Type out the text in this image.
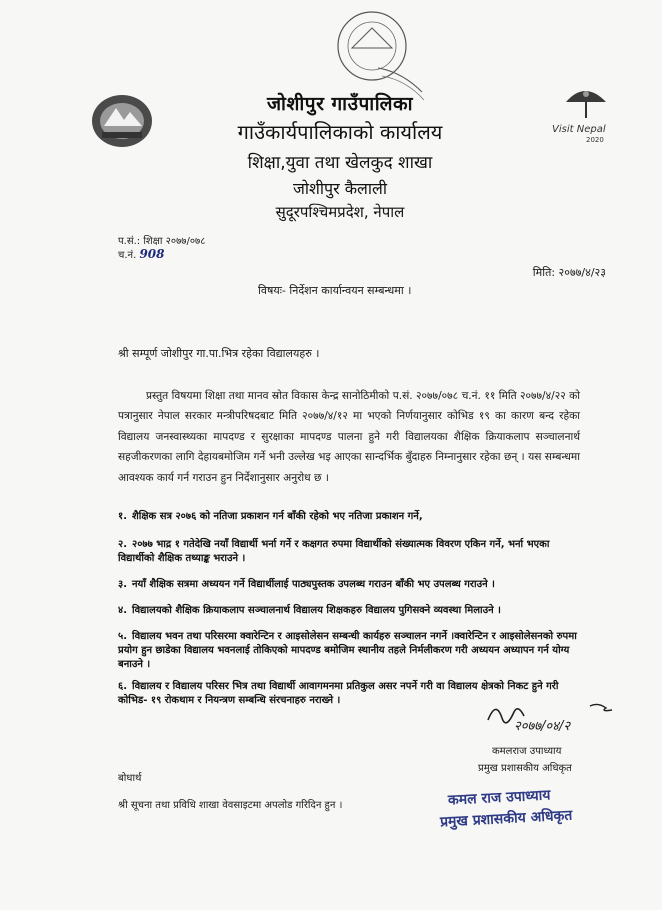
Visit Nepal
2020
जोशीपुर गाउँपालिका
गाउँकार्यपालिकाको कार्यालय
शिक्षा,युवा तथा खेलकुद शाखा
जोशीपुर कैलाली
सुदूरपश्चिमप्रदेश, नेपाल
प.सं.: शिक्षा २०७७/०७८
च.नं. 908
मिति: २०७७/४/२३
विषयः- निर्देशन कार्यान्वयन सम्बन्धमा ।
श्री सम्पूर्ण जोशीपुर गा.पा.भित्र रहेका विद्यालयहरु ।
प्रस्तुत विषयमा शिक्षा तथा मानव स्रोत विकास केन्द्र सानोठिमीको प.सं. २०७७/०७८ च.नं. ११ मिति २०७७/४/२२ को पत्रानुसार नेपाल सरकार मन्त्रीपरिषदबाट मिति २०७७/४/१२ मा भएको निर्णयानुसार कोभिड १९ का कारण बन्द रहेका विद्यालय जनस्वास्थ्यका मापदण्ड र सुरक्षाका मापदण्ड पालना हुने गरी विद्यालयका शैक्षिक क्रियाकलाप सञ्चालनार्थ सहजीकरणका लागि देहायबमोजिम गर्ने भनी उल्लेख भइ आएका सान्दर्भिक बुँदाहरु निम्नानुसार रहेका छन् । यस सम्बन्धमा आवश्यक कार्य गर्न गराउन हुन निर्देशानुसार अनुरोध छ ।
१. शैक्षिक सत्र २०७६ को नतिजा प्रकाशन गर्न बाँकी रहेको भए नतिजा प्रकाशन गर्ने,
२. २०७७ भाद्र १ गतेदेखि नयाँ विद्यार्थी भर्ना गर्ने र कक्षगत रुपमा विद्यार्थीको संख्यात्मक विवरण एकिन गर्ने, भर्ना भएका विद्यार्थीको शैक्षिक तथ्याङ्क भराउने ।
३. नयाँ शैक्षिक सत्रमा अध्ययन गर्ने विद्यार्थीलाई पाठ्यपुस्तक उपलब्ध गराउन बाँकी भए उपलब्ध गराउने ।
४. विद्यालयको शैक्षिक क्रियाकलाप सञ्चालनार्थ विद्यालय शिक्षकहरु विद्यालय पुगिसक्ने व्यवस्था मिलाउने ।
५. विद्यालय भवन तथा परिसरमा क्वारेन्टिन र आइसोलेसन सम्बन्धी कार्यहरु सञ्चालन नगर्ने ।क्वारेन्टिन र आइसोलेसनको रुपमा प्रयोग हुन छाडेका विद्यालय भवनलाई तोकिएको मापदण्ड बमोजिम स्थानीय तहले निर्मलीकरण गरी अध्ययन अध्यापन गर्न योग्य बनाउने ।
६. विद्यालय र विद्यालय परिसर भित्र तथा विद्यार्थी आवागमनमा प्रतिकुल असर नपर्ने गरी वा विद्यालय क्षेत्रको निकट हुने गरी कोभिड- १९ रोकथाम र नियन्त्रण सम्बन्धि संरचनाहरु नराख्ने ।
२०७७/०४/२
कमलराज उपाध्याय
प्रमुख प्रशासकीय अधिकृत
बोधार्थ
श्री सूचना तथा प्रविधि शाखा वेवसाइटमा अपलोड गरिदिन हुन ।	कमल राज उपाध्याय
प्रमुख प्रशासकीय अधिकृत
